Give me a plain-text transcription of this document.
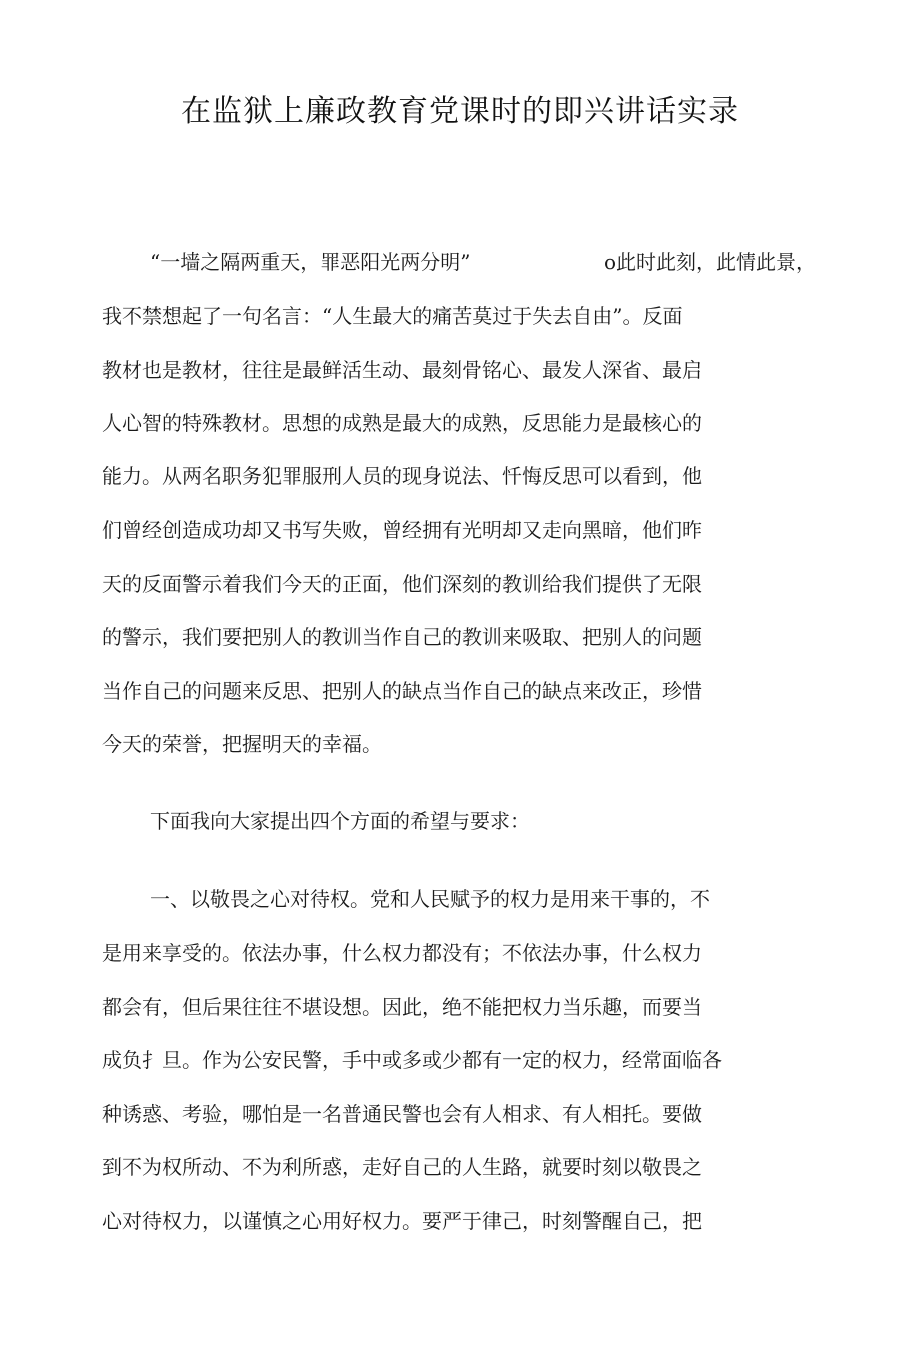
在监狱上廉政教育党课时的即兴讲话实录
“一墙之隔两重天，罪恶阳光两分明”	o此时此刻，此情此景，
我不禁想起了一句名言：“人生最大的痛苦莫过于失去自由”。反面
教材也是教材，往往是最鲜活生动、最刻骨铭心、最发人深省、最启
人心智的特殊教材。思想的成熟是最大的成熟，反思能力是最核心的
能力。从两名职务犯罪服刑人员的现身说法、忏悔反思可以看到，他
们曾经创造成功却又书写失败，曾经拥有光明却又走向黑暗，他们昨
天的反面警示着我们今天的正面，他们深刻的教训给我们提供了无限
的警示，我们要把别人的教训当作自己的教训来吸取、把别人的问题
当作自己的问题来反思、把别人的缺点当作自己的缺点来改正，珍惜
今天的荣誉，把握明天的幸福。
下面我向大家提出四个方面的希望与要求：
一、以敬畏之心对待权。党和人民赋予的权力是用来干事的，不
是用来享受的。依法办事，什么权力都没有；不依法办事，什么权力
都会有，但后果往往不堪设想。因此，绝不能把权力当乐趣，而要当
成负扌旦。作为公安民警，手中或多或少都有一定的权力，经常面临各
种诱惑、考验，哪怕是一名普通民警也会有人相求、有人相托。要做
到不为权所动、不为利所惑，走好自己的人生路，就要时刻以敬畏之
心对待权力，以谨慎之心用好权力。要严于律己，时刻警醒自己，把
